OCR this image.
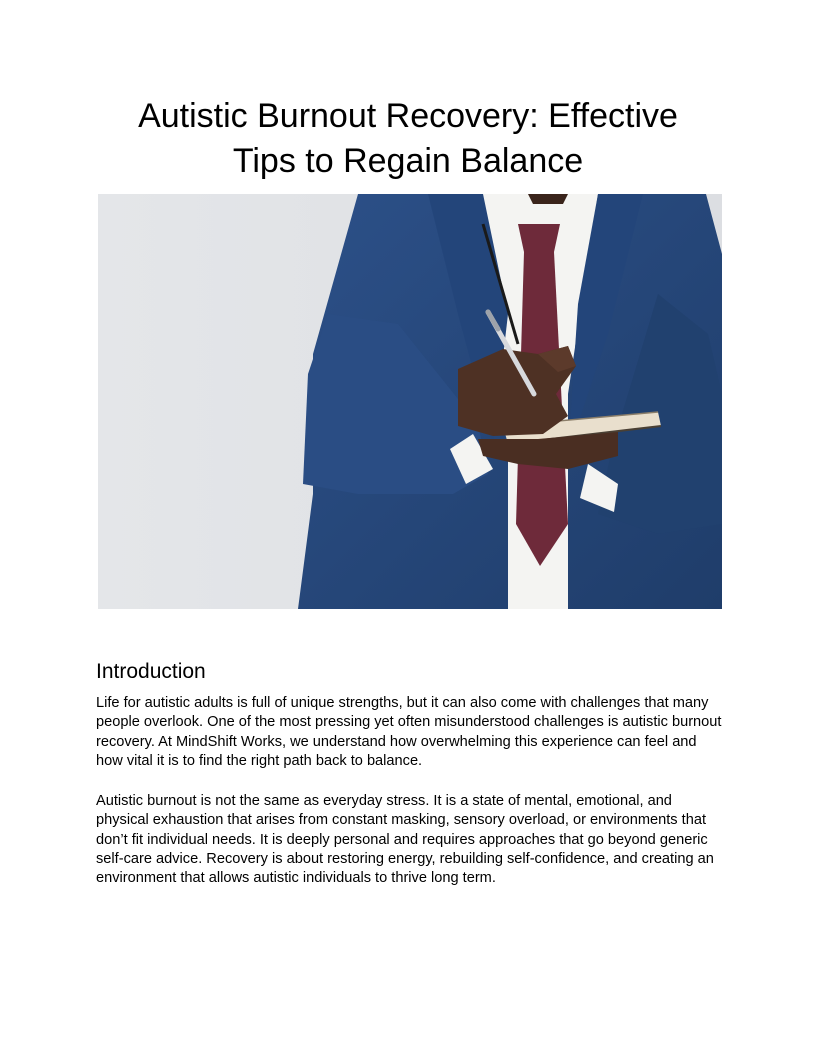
Autistic Burnout Recovery: Effective
Tips to Regain Balance
Introduction

Life for autistic adults is full of unique strengths, but it can also come with challenges that many people overlook. One of the most pressing yet often misunderstood challenges is autistic burnout recovery. At MindShift Works, we understand how overwhelming this experience can feel and how vital it is to find the right path back to balance.

Autistic burnout is not the same as everyday stress. It is a state of mental, emotional, and physical exhaustion that arises from constant masking, sensory overload, or environments that don’t fit individual needs. It is deeply personal and requires approaches that go beyond generic self-care advice. Recovery is about restoring energy, rebuilding self-confidence, and creating an environment that allows autistic individuals to thrive long term.
